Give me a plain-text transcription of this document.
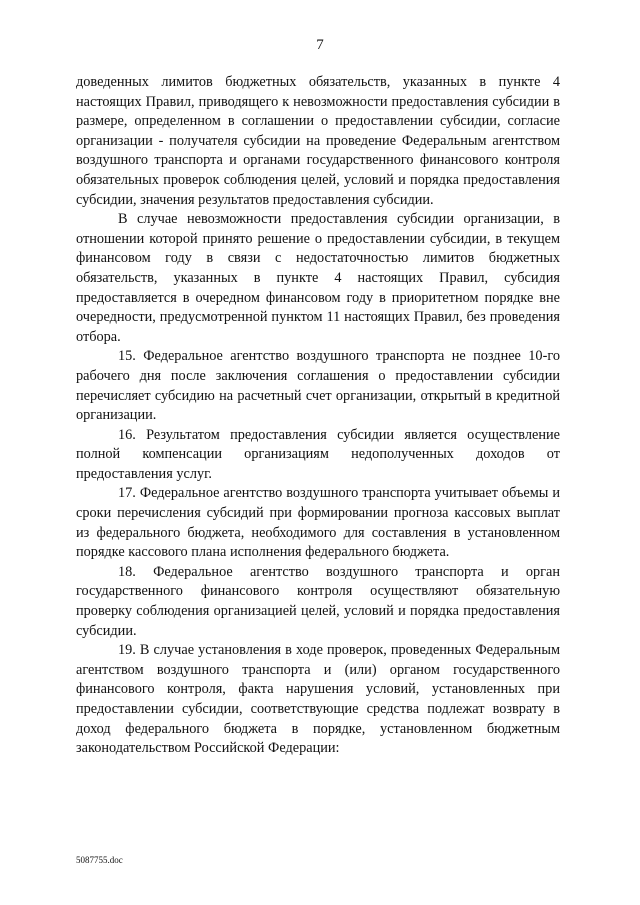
7

доведенных лимитов бюджетных обязательств, указанных в пункте 4 настоящих Правил, приводящего к невозможности предоставления субсидии в размере, определенном в соглашении о предоставлении субсидии, согласие организации - получателя субсидии на проведение Федеральным агентством воздушного транспорта и органами государственного финансового контроля обязательных проверок соблюдения целей, условий и порядка предоставления субсидии, значения результатов предоставления субсидии.

В случае невозможности предоставления субсидии организации, в отношении которой принято решение о предоставлении субсидии, в текущем финансовом году в связи с недостаточностью лимитов бюджетных обязательств, указанных в пункте 4 настоящих Правил, субсидия предоставляется в очередном финансовом году в приоритетном порядке вне очередности, предусмотренной пунктом 11 настоящих Правил, без проведения отбора.

15. Федеральное агентство воздушного транспорта не позднее 10-го рабочего дня после заключения соглашения о предоставлении субсидии перечисляет субсидию на расчетный счет организации, открытый в кредитной организации.

16. Результатом предоставления субсидии является осуществление полной компенсации организациям недополученных доходов от предоставления услуг.

17. Федеральное агентство воздушного транспорта учитывает объемы и сроки перечисления субсидий при формировании прогноза кассовых выплат из федерального бюджета, необходимого для составления в установленном порядке кассового плана исполнения федерального бюджета.

18. Федеральное агентство воздушного транспорта и орган государственного финансового контроля осуществляют обязательную проверку соблюдения организацией целей, условий и порядка предоставления субсидии.

19. В случае установления в ходе проверок, проведенных Федеральным агентством воздушного транспорта и (или) органом государственного финансового контроля, факта нарушения условий, установленных при предоставлении субсидии, соответствующие средства подлежат возврату в доход федерального бюджета в порядке, установленном бюджетным законодательством Российской Федерации:

5087755.doc
